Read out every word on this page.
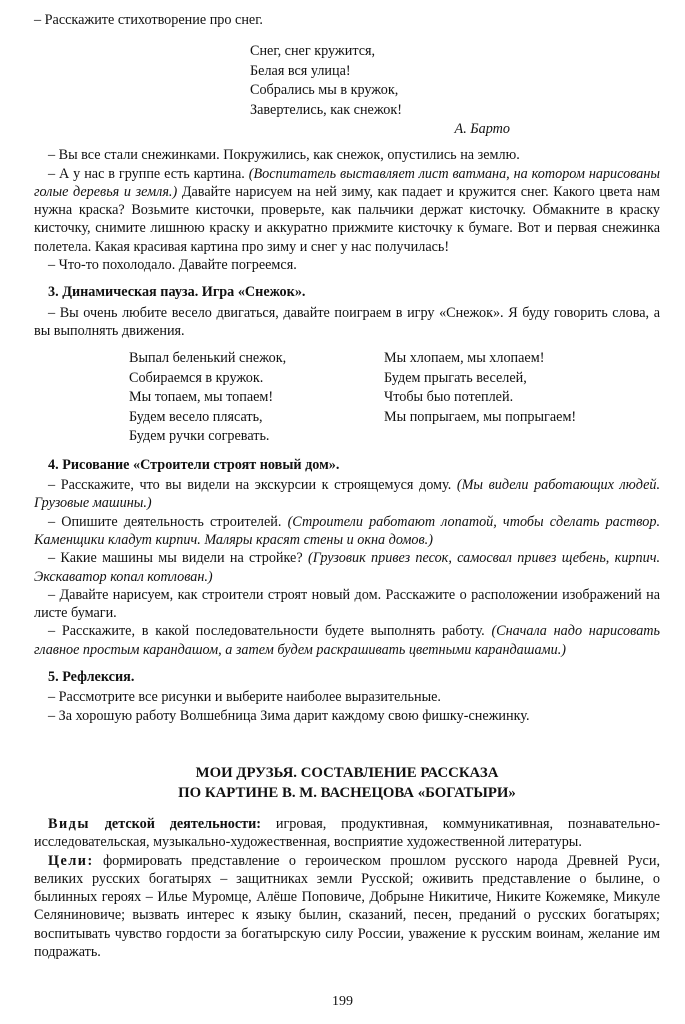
– Расскажите стихотворение про снег.

Снег, снег кружится,
Белая вся улица!
Собрались мы в кружок,
Завертелись, как снежок!
А. Барто

– Вы все стали снежинками. Покружились, как снежок, опустились на землю.

– А у нас в группе есть картина. (Воспитатель выставляет лист ватмана, на котором нарисованы голые деревья и земля.) Давайте нарисуем на ней зиму, как падает и кружится снег. Какого цвета нам нужна краска? Возьмите кисточки, проверьте, как пальчики держат кисточку. Обмакните в краску кисточку, снимите лишнюю краску и аккуратно прижмите кисточку к бумаге. Вот и первая снежинка полетела. Какая красивая картина про зиму и снег у нас получилась!

– Что-то похолодало. Давайте погреемся.

3. Динамическая пауза. Игра «Снежок».

– Вы очень любите весело двигаться, давайте поиграем в игру «Снежок». Я буду говорить слова, а вы выполнять движения.

Выпал беленький снежок,
Собираемся в кружок.
Мы топаем, мы топаем!
Будем весело плясать,
Будем ручки согревать.
Мы хлопаем, мы хлопаем!
Будем прыгать веселей,
Чтобы быо потеплей.
Мы попрыгаем, мы попрыгаем!
4. Рисование «Строители строят новый дом».

– Расскажите, что вы видели на экскурсии к строящемуся дому. (Мы видели работающих людей. Грузовые машины.)

– Опишите деятельность строителей. (Строители работают лопатой, чтобы сделать раствор. Каменщики кладут кирпич. Маляры красят стены и окна домов.)

– Какие машины мы видели на стройке? (Грузовик привез песок, самосвал привез щебень, кирпич. Экскаватор копал котлован.)

– Давайте нарисуем, как строители строят новый дом. Расскажите о расположении изображений на листе бумаги.

– Расскажите, в какой последовательности будете выполнять работу. (Сначала надо нарисовать главное простым карандашом, а затем будем раскрашивать цветными карандашами.)

5. Рефлексия.

– Рассмотрите все рисунки и выберите наиболее выразительные.

– За хорошую работу Волшебница Зима дарит каждому свою фишку-снежинку.

МОИ ДРУЗЬЯ. СОСТАВЛЕНИЕ РАССКАЗА
ПО КАРТИНЕ В. М. ВАСНЕЦОВА «БОГАТЫРИ»

Виды детской деятельности: игровая, продуктивная, коммуникативная, познавательно-исследовательская, музыкально-художественная, восприятие художественной литературы.

Цели: формировать представление о героическом прошлом русского народа Древней Руси, великих русских богатырях – защитниках земли Русской; оживить представление о былине, о былинных героях – Илье Муромце, Алёше Поповиче, Добрыне Никитиче, Никите Кожемяке, Микуле Селяниновиче; вызвать интерес к языку былин, сказаний, песен, преданий о русских богатырях; воспитывать чувство гордости за богатырскую силу России, уважение к русским воинам, желание им подражать.

199
